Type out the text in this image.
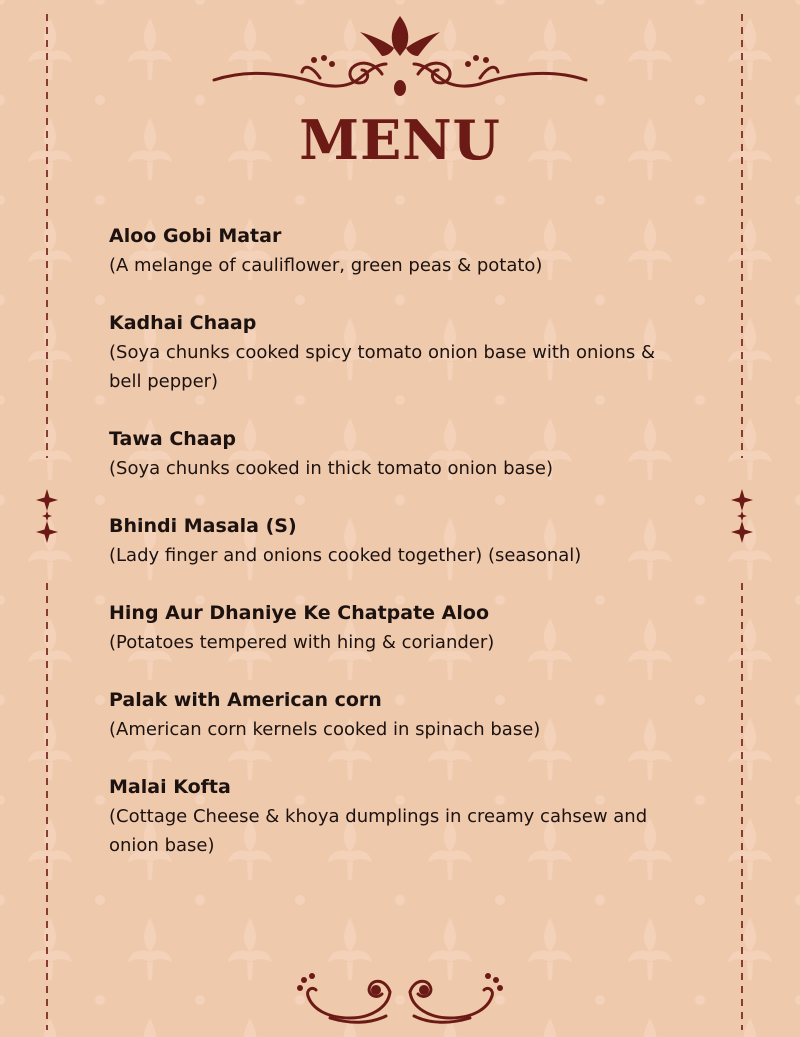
MENU
Aloo Gobi Matar
(A melange of cauliflower, green peas & potato)
Kadhai Chaap
(Soya chunks cooked spicy tomato onion base with onions & bell pepper)
Tawa Chaap
(Soya chunks cooked in thick tomato onion base)
Bhindi Masala (S)
(Lady finger and onions cooked together) (seasonal)
Hing Aur Dhaniye Ke Chatpate Aloo
(Potatoes tempered with hing & coriander)
Palak with American corn
(American corn kernels cooked in spinach base)
Malai Kofta
(Cottage Cheese & khoya dumplings in creamy cahsew and onion base)
